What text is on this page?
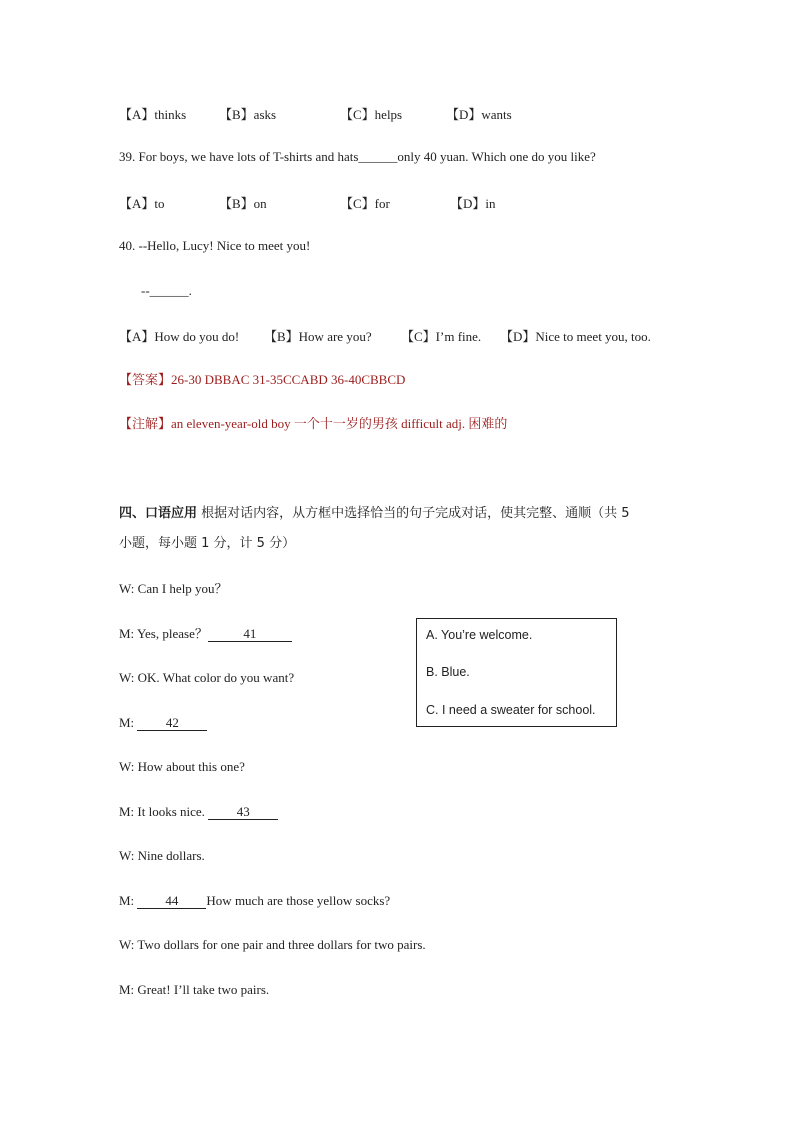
【A】thinks	【B】asks	【C】helps	【D】wants
39. For boys, we have lots of T-shirts and hats______only 40 yuan. Which one do you like?
【A】to	【B】on	【C】for	【D】in
40. --Hello, Lucy! Nice to meet you!
--______.
【A】How do you do! 【B】How are you? 【C】I’m fine. 【D】Nice to meet you, too.
【答案】26-30 DBBAC 31-35CCABD 36-40CBBCD
【注解】an eleven-year-old boy 一个十一岁的男孩 difficult adj. 困难的
四、口语应用 根据对话内容，从方框中选择恰当的句子完成对话，使其完整、通顺（共 5
小题，每小题 1 分，计 5 分）
W: Can I help you？
M: Yes, please？	41
W: OK. What color do you want?
M: 42
W: How about this one?
M: It looks nice. 43
W: Nine dollars.
M: 44 How much are those yellow socks?
W: Two dollars for one pair and three dollars for two pairs.
M: Great! I’ll take two pairs.
A. You’re welcome.
B. Blue.
C. I need a sweater for school.
